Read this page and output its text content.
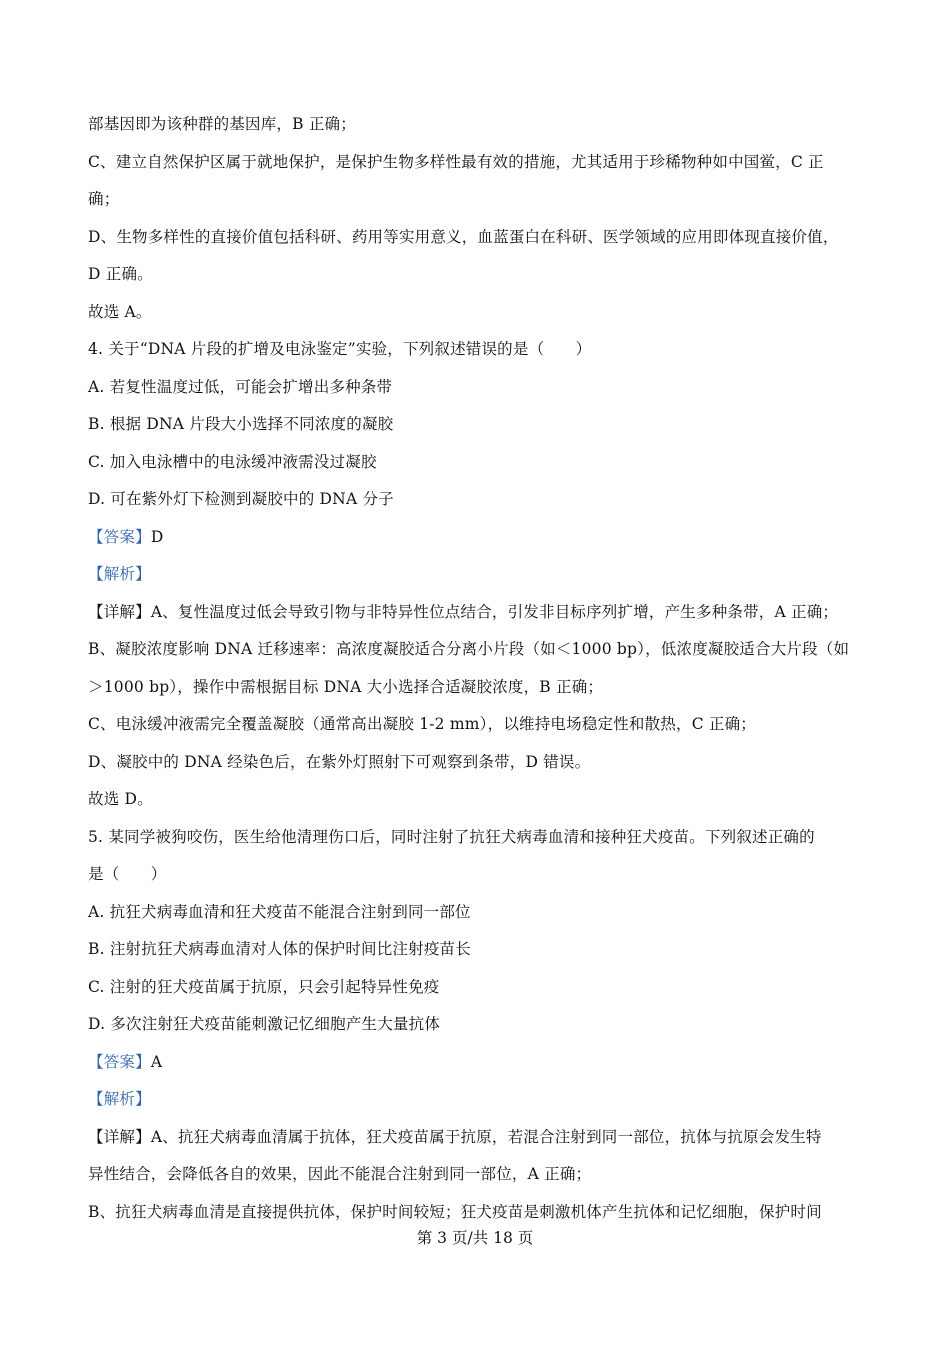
部基因即为该种群的基因库，B 正确；
C、建立自然保护区属于就地保护，是保护生物多样性最有效的措施，尤其适用于珍稀物种如中国鲎，C 正
确；
D、生物多样性的直接价值包括科研、药用等实用意义，血蓝蛋白在科研、医学领域的应用即体现直接价值，
D 正确。
故选 A。
4. 关于“DNA 片段的扩增及电泳鉴定”实验，下列叙述错误的是（　　）
A. 若复性温度过低，可能会扩增出多种条带
B. 根据 DNA 片段大小选择不同浓度的凝胶
C. 加入电泳槽中的电泳缓冲液需没过凝胶
D. 可在紫外灯下检测到凝胶中的 DNA 分子
【答案】D
【解析】
【详解】A、复性温度过低会导致引物与非特异性位点结合，引发非目标序列扩增，产生多种条带，A 正确；
B、凝胶浓度影响 DNA 迁移速率：高浓度凝胶适合分离小片段（如＜1000 bp），低浓度凝胶适合大片段（如
＞1000 bp），操作中需根据目标 DNA 大小选择合适凝胶浓度，B 正确；
C、电泳缓冲液需完全覆盖凝胶（通常高出凝胶 1-2 mm），以维持电场稳定性和散热，C 正确；
D、凝胶中的 DNA 经染色后，在紫外灯照射下可观察到条带，D 错误。
故选 D。
5. 某同学被狗咬伤，医生给他清理伤口后，同时注射了抗狂犬病毒血清和接种狂犬疫苗。下列叙述正确的
是（　　）
A. 抗狂犬病毒血清和狂犬疫苗不能混合注射到同一部位
B. 注射抗狂犬病毒血清对人体的保护时间比注射疫苗长
C. 注射的狂犬疫苗属于抗原，只会引起特异性免疫
D. 多次注射狂犬疫苗能刺激记忆细胞产生大量抗体
【答案】A
【解析】
【详解】A、抗狂犬病毒血清属于抗体，狂犬疫苗属于抗原，若混合注射到同一部位，抗体与抗原会发生特
异性结合，会降低各自的效果，因此不能混合注射到同一部位，A 正确；
B、抗狂犬病毒血清是直接提供抗体，保护时间较短；狂犬疫苗是刺激机体产生抗体和记忆细胞，保护时间
第 3 页/共 18 页
